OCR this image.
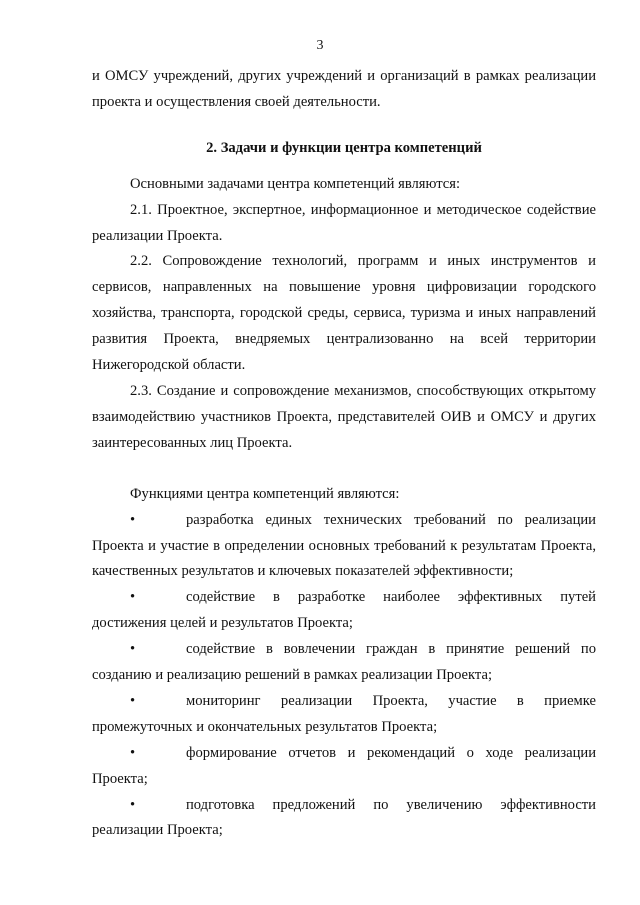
3

и ОМСУ учреждений, других учреждений и организаций в рамках реализации проекта и осуществления своей деятельности.

2. Задачи и функции центра компетенций

Основными задачами центра компетенций являются:

2.1. Проектное, экспертное, информационное и методическое содействие реализации Проекта.

2.2. Сопровождение технологий, программ и иных инструментов и сервисов, направленных на повышение уровня цифровизации городского хозяйства, транспорта, городской среды, сервиса, туризма и иных направлений развития Проекта, внедряемых централизованно на всей территории Нижегородской области.

2.3. Создание и сопровождение механизмов, способствующих открытому взаимодействию участников Проекта, представителей ОИВ и ОМСУ и других заинтересованных лиц Проекта.

Функциями центра компетенций являются:

•	разработка единых технических требований по реализации Проекта и участие в определении основных требований к результатам Проекта, качественных результатов и ключевых показателей эффективности;

•	содействие в разработке наиболее эффективных путей достижения целей и результатов Проекта;

•	содействие в вовлечении граждан в принятие решений по созданию и реализацию решений в рамках реализации Проекта;

•	мониторинг реализации Проекта, участие в приемке промежуточных и окончательных результатов Проекта;

•	формирование отчетов и рекомендаций о ходе реализации Проекта;

•	подготовка предложений по увеличению эффективности реализации Проекта;
